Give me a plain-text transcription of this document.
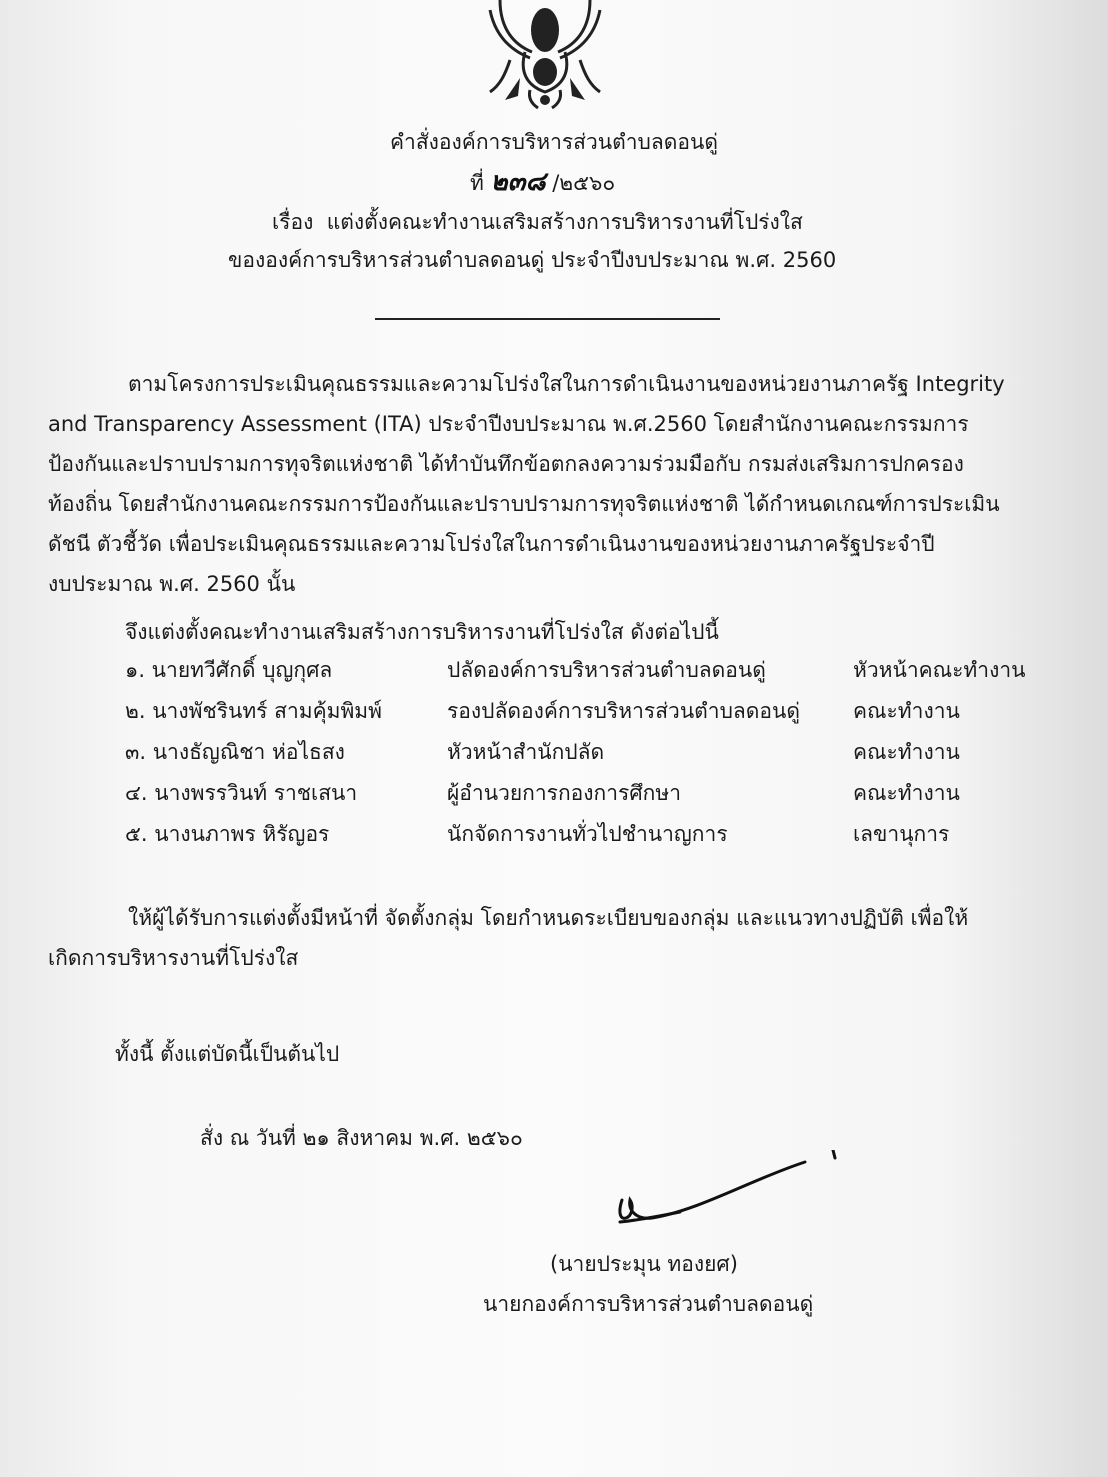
คำสั่งองค์การบริหารส่วนตำบลดอนดู่
ที่ ๒๓๘ /๒๕๖๐
เรื่อง แต่งตั้งคณะทำงานเสริมสร้างการบริหารงานที่โปร่งใส
ขององค์การบริหารส่วนตำบลดอนดู่ ประจำปีงบประมาณ พ.ศ. 2560
ตามโครงการประเมินคุณธรรมและความโปร่งใสในการดำเนินงานของหน่วยงานภาครัฐ Integrity
and Transparency Assessment (ITA) ประจำปีงบประมาณ พ.ศ.2560 โดยสำนักงานคณะกรรมการ
ป้องกันและปราบปรามการทุจริตแห่งชาติ ได้ทำบันทึกข้อตกลงความร่วมมือกับ กรมส่งเสริมการปกครอง
ท้องถิ่น โดยสำนักงานคณะกรรมการป้องกันและปราบปรามการทุจริตแห่งชาติ ได้กำหนดเกณฑ์การประเมิน
ดัชนี ตัวชี้วัด เพื่อประเมินคุณธรรมและความโปร่งใสในการดำเนินงานของหน่วยงานภาครัฐประจำปี
งบประมาณ พ.ศ. 2560 นั้น
จึงแต่งตั้งคณะทำงานเสริมสร้างการบริหารงานที่โปร่งใส ดังต่อไปนี้
๑. นายทวีศักดิ์ บุญกุศล	ปลัดองค์การบริหารส่วนตำบลดอนดู่	หัวหน้าคณะทำงาน
๒. นางพัชรินทร์ สามคุ้มพิมพ์	รองปลัดองค์การบริหารส่วนตำบลดอนดู่	คณะทำงาน
๓. นางธัญณิชา ห่อไธสง	หัวหน้าสำนักปลัด	คณะทำงาน
๔. นางพรรวินท์ ราชเสนา	ผู้อำนวยการกองการศึกษา	คณะทำงาน
๕. นางนภาพร หิรัญอร	นักจัดการงานทั่วไปชำนาญการ	เลขานุการ
ให้ผู้ได้รับการแต่งตั้งมีหน้าที่ จัดตั้งกลุ่ม โดยกำหนดระเบียบของกลุ่ม และแนวทางปฏิบัติ เพื่อให้
เกิดการบริหารงานที่โปร่งใส
ทั้งนี้ ตั้งแต่บัดนี้เป็นต้นไป
สั่ง ณ วันที่ ๒๑ สิงหาคม พ.ศ. ๒๕๖๐
(นายประมุน ทองยศ)
นายกองค์การบริหารส่วนตำบลดอนดู่
